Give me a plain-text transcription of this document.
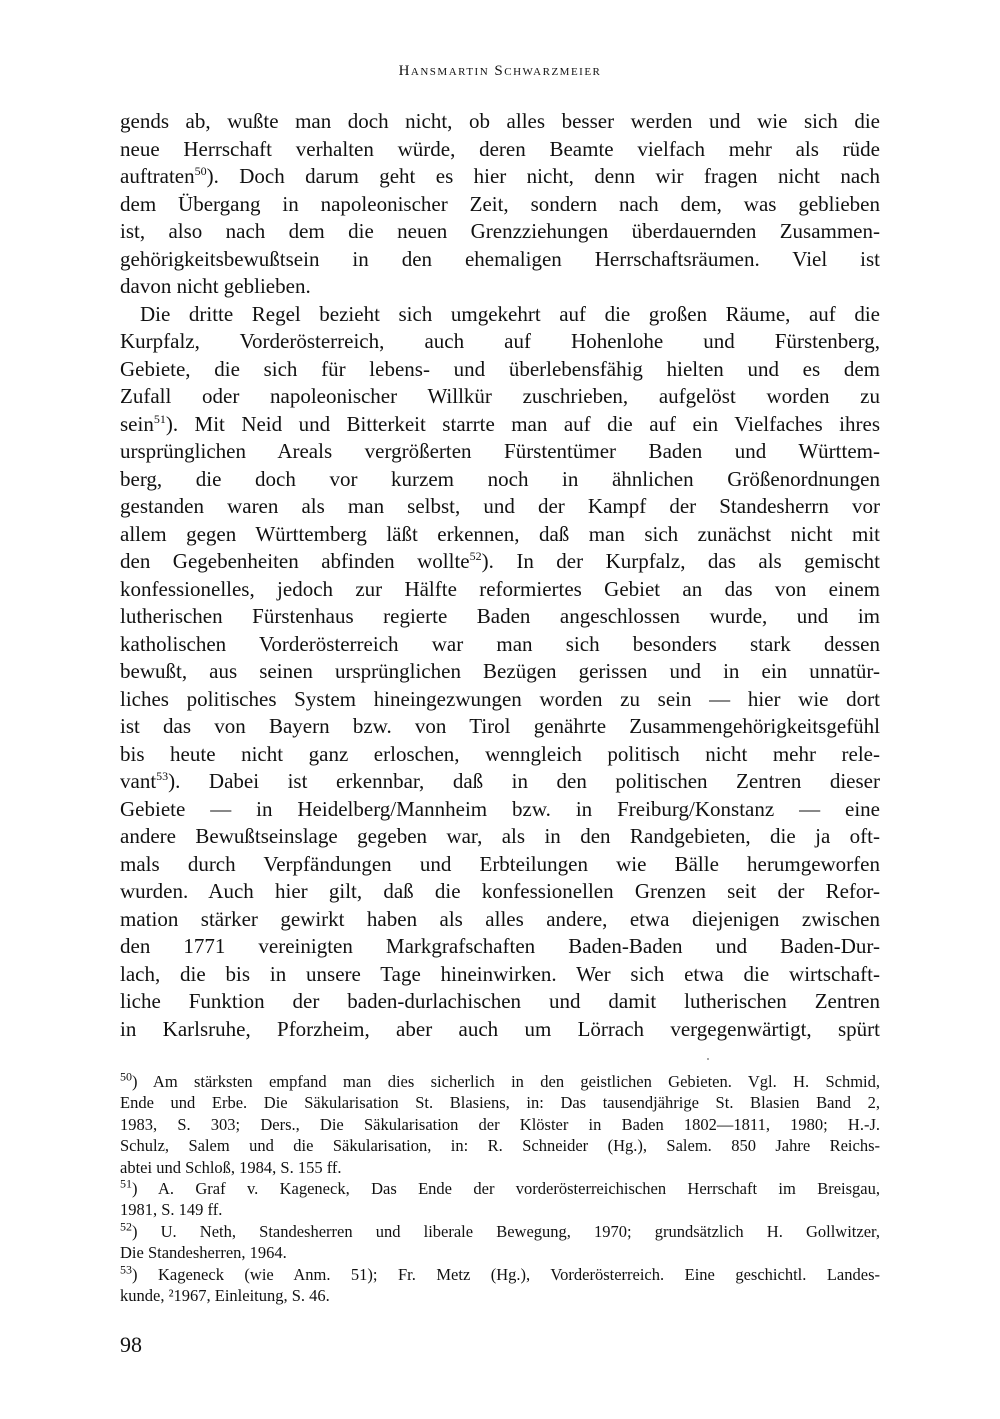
Hansmartin Schwarzmeier
gends ab, wußte man doch nicht, ob alles besser werden und wie sich die
neue Herrschaft verhalten würde, deren Beamte vielfach mehr als rüde
auftraten$^{50}$). Doch darum geht es hier nicht, denn wir fragen nicht nach
dem Übergang in napoleonischer Zeit, sondern nach dem, was geblieben
ist, also nach dem die neuen Grenzziehungen überdauernden Zusammen-
gehörigkeitsbewußtsein in den ehemaligen Herrschaftsräumen. Viel ist
davon nicht geblieben.
Die dritte Regel bezieht sich umgekehrt auf die großen Räume, auf die
Kurpfalz, Vorderösterreich, auch auf Hohenlohe und Fürstenberg,
Gebiete, die sich für lebens- und überlebensfähig hielten und es dem
Zufall oder napoleonischer Willkür zuschrieben, aufgelöst worden zu
sein$^{51}$). Mit Neid und Bitterkeit starrte man auf die auf ein Vielfaches ihres
ursprünglichen Areals vergrößerten Fürstentümer Baden und Württem-
berg, die doch vor kurzem noch in ähnlichen Größenordnungen
gestanden waren als man selbst, und der Kampf der Standesherrn vor
allem gegen Württemberg läßt erkennen, daß man sich zunächst nicht mit
den Gegebenheiten abfinden wollte$^{52}$). In der Kurpfalz, das als gemischt
konfessionelles, jedoch zur Hälfte reformiertes Gebiet an das von einem
lutherischen Fürstenhaus regierte Baden angeschlossen wurde, und im
katholischen Vorderösterreich war man sich besonders stark dessen
bewußt, aus seinen ursprünglichen Bezügen gerissen und in ein unnatür-
liches politisches System hineingezwungen worden zu sein — hier wie dort
ist das von Bayern bzw. von Tirol genährte Zusammengehörigkeitsgefühl
bis heute nicht ganz erloschen, wenngleich politisch nicht mehr rele-
vant$^{53}$). Dabei ist erkennbar, daß in den politischen Zentren dieser
Gebiete — in Heidelberg/Mannheim bzw. in Freiburg/Konstanz — eine
andere Bewußtseinslage gegeben war, als in den Randgebieten, die ja oft-
mals durch Verpfändungen und Erbteilungen wie Bälle herumgeworfen
wurden. Auch hier gilt, daß die konfessionellen Grenzen seit der Refor-
mation stärker gewirkt haben als alles andere, etwa diejenigen zwischen
den 1771 vereinigten Markgrafschaften Baden-Baden und Baden-Dur-
lach, die bis in unsere Tage hineinwirken. Wer sich etwa die wirtschaft-
liche Funktion der baden-durlachischen und damit lutherischen Zentren
in Karlsruhe, Pforzheim, aber auch um Lörrach vergegenwärtigt, spürt
$^{50}$) Am stärksten empfand man dies sicherlich in den geistlichen Gebieten. Vgl. H. Schmid,
Ende und Erbe. Die Säkularisation St. Blasiens, in: Das tausendjährige St. Blasien Band 2,
1983, S. 303; Ders., Die Säkularisation der Klöster in Baden 1802—1811, 1980; H.-J.
Schulz, Salem und die Säkularisation, in: R. Schneider (Hg.), Salem. 850 Jahre Reichs-
abtei und Schloß, 1984, S. 155 ff.
$^{51}$) A. Graf v. Kageneck, Das Ende der vorderösterreichischen Herrschaft im Breisgau,
1981, S. 149 ff.
$^{52}$) U. Neth, Standesherren und liberale Bewegung, 1970; grundsätzlich H. Gollwitzer,
Die Standesherren, 1964.
$^{53}$) Kageneck (wie Anm. 51); Fr. Metz (Hg.), Vorderösterreich. Eine geschichtl. Landes-
kunde, ²1967, Einleitung, S. 46.
98
